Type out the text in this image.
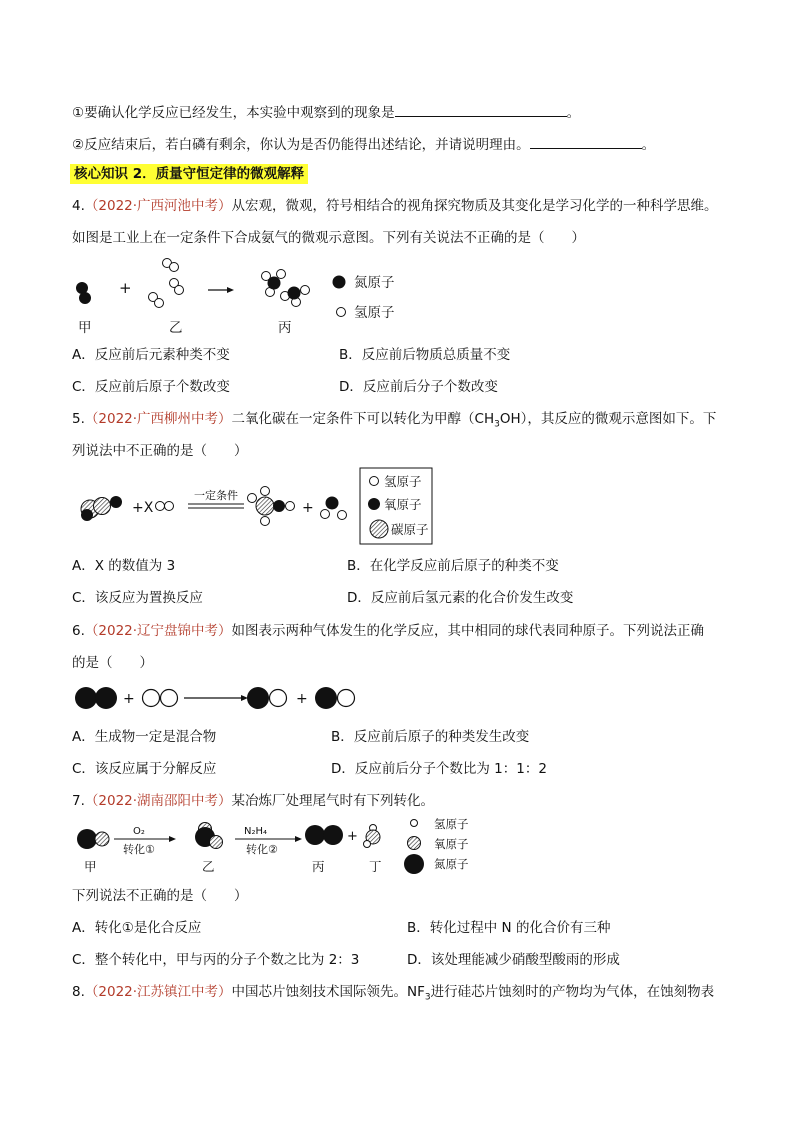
①要确认化学反应已经发生，本实验中观察到的现象是	。
②反应结束后，若白磷有剩余，你认为是否仍能得出述结论，并请说明理由。	。
核心知识 2．质量守恒定律的微观解释
4.（2022·广西河池中考）从宏观，微观，符号相结合的视角探究物质及其变化是学习化学的一种科学思维。
如图是工业上在一定条件下合成氨气的微观示意图。下列有关说法不正确的是（　　）
+	氮原子
氢原子
甲	乙	丙
A．反应前后元素种类不变	B．反应前后物质总质量不变
C．反应前后原子个数改变	D．反应前后分子个数改变
5.（2022·广西柳州中考）二氧化碳在一定条件下可以转化为甲醇$(CH_3OH)$，其反应的微观示意图如下。下
列说法中不正确的是（　　）
+X
一定条件
+
氢原子
氧原子
碳原子
A．X 的数值为 3	B．在化学反应前后原子的种类不变
C．该反应为置换反应	D．反应前后氢元素的化合价发生改变
6.（2022·辽宁盘锦中考）如图表示两种气体发生的化学反应，其中相同的球代表同种原子。下列说法正确
的是（　　）
+	+
A．生成物一定是混合物	B．反应前后原子的种类发生改变
C．该反应属于分解反应	D．反应前后分子个数比为 1：1：2
7.（2022·湖南邵阳中考）某冶炼厂处理尾气时有下列转化。
O₂
转化①
N₂H₄
转化②
+
氢原子
氧原子
氮原子
甲	乙	丙	丁
下列说法不正确的是（　　）
A．转化①是化合反应	B．转化过程中 N 的化合价有三种
C．整个转化中，甲与丙的分子个数之比为 2：3	D．该处理能减少硝酸型酸雨的形成
8.（2022·江苏镇江中考）中国芯片蚀刻技术国际领先。$NF_3$进行硅芯片蚀刻时的产物均为气体，在蚀刻物表
